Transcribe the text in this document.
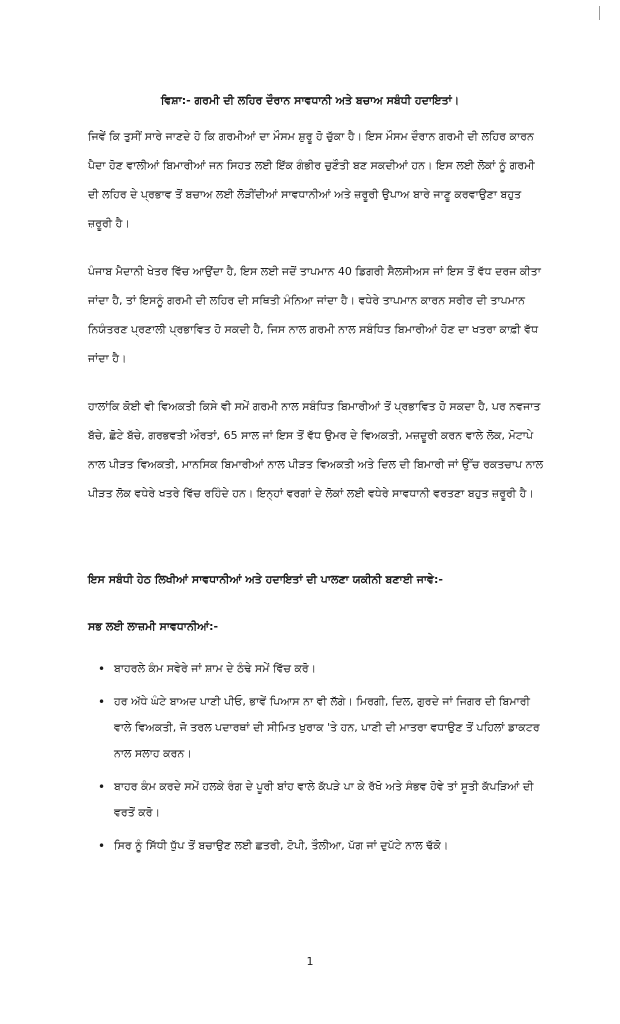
ਵਿਸ਼ਾ:- ਗਰਮੀ ਦੀ ਲਹਿਰ ਦੌਰਾਨ ਸਾਵਧਾਨੀ ਅਤੇ ਬਚਾਅ ਸਬੰਧੀ ਹਦਾਇਤਾਂ।

ਜਿਵੇਂ ਕਿ ਤੁਸੀਂ ਸਾਰੇ ਜਾਣਦੇ ਹੋ ਕਿ ਗਰਮੀਆਂ ਦਾ ਮੌਸਮ ਸ਼ੁਰੂ ਹੋ ਚੁੱਕਾ ਹੈ। ਇਸ ਮੌਸਮ ਦੌਰਾਨ ਗਰਮੀ ਦੀ ਲਹਿਰ ਕਾਰਨ ਪੈਦਾ ਹੋਣ ਵਾਲੀਆਂ ਬਿਮਾਰੀਆਂ ਜਨ ਸਿਹਤ ਲਈ ਇੱਕ ਗੰਭੀਰ ਚੁਣੌਤੀ ਬਣ ਸਕਦੀਆਂ ਹਨ। ਇਸ ਲਈ ਲੋਕਾਂ ਨੂੰ ਗਰਮੀ ਦੀ ਲਹਿਰ ਦੇ ਪ੍ਰਭਾਵ ਤੋਂ ਬਚਾਅ ਲਈ ਲੋੜੀਂਦੀਆਂ ਸਾਵਧਾਨੀਆਂ ਅਤੇ ਜ਼ਰੂਰੀ ਉਪਾਅ ਬਾਰੇ ਜਾਣੂ ਕਰਵਾਉਣਾ ਬਹੁਤ ਜ਼ਰੂਰੀ ਹੈ।

ਪੰਜਾਬ ਮੈਦਾਨੀ ਖੇਤਰ ਵਿੱਚ ਆਉਂਦਾ ਹੈ, ਇਸ ਲਈ ਜਦੋਂ ਤਾਪਮਾਨ 40 ਡਿਗਰੀ ਸੈਲਸੀਅਸ ਜਾਂ ਇਸ ਤੋਂ ਵੱਧ ਦਰਜ ਕੀਤਾ ਜਾਂਦਾ ਹੈ, ਤਾਂ ਇਸਨੂੰ ਗਰਮੀ ਦੀ ਲਹਿਰ ਦੀ ਸਥਿਤੀ ਮੰਨਿਆ ਜਾਂਦਾ ਹੈ। ਵਧੇਰੇ ਤਾਪਮਾਨ ਕਾਰਨ ਸਰੀਰ ਦੀ ਤਾਪਮਾਨ ਨਿਯੰਤਰਣ ਪ੍ਰਣਾਲੀ ਪ੍ਰਭਾਵਿਤ ਹੋ ਸਕਦੀ ਹੈ, ਜਿਸ ਨਾਲ ਗਰਮੀ ਨਾਲ ਸਬੰਧਿਤ ਬਿਮਾਰੀਆਂ ਹੋਣ ਦਾ ਖਤਰਾ ਕਾਫ਼ੀ ਵੱਧ ਜਾਂਦਾ ਹੈ।

ਹਾਲਾਂਕਿ ਕੋਈ ਵੀ ਵਿਅਕਤੀ ਕਿਸੇ ਵੀ ਸਮੇਂ ਗਰਮੀ ਨਾਲ ਸਬੰਧਿਤ ਬਿਮਾਰੀਆਂ ਤੋਂ ਪ੍ਰਭਾਵਿਤ ਹੋ ਸਕਦਾ ਹੈ, ਪਰ ਨਵਜਾਤ ਬੱਚੇ, ਛੋਟੇ ਬੱਚੇ, ਗਰਭਵਤੀ ਔਰਤਾਂ, 65 ਸਾਲ ਜਾਂ ਇਸ ਤੋਂ ਵੱਧ ਉਮਰ ਦੇ ਵਿਅਕਤੀ, ਮਜ਼ਦੂਰੀ ਕਰਨ ਵਾਲੇ ਲੋਕ, ਮੋਟਾਪੇ ਨਾਲ ਪੀੜਤ ਵਿਅਕਤੀ, ਮਾਨਸਿਕ ਬਿਮਾਰੀਆਂ ਨਾਲ ਪੀੜਤ ਵਿਅਕਤੀ ਅਤੇ ਦਿਲ ਦੀ ਬਿਮਾਰੀ ਜਾਂ ਉੱਚ ਰਕਤਚਾਪ ਨਾਲ ਪੀੜਤ ਲੋਕ ਵਧੇਰੇ ਖਤਰੇ ਵਿੱਚ ਰਹਿੰਦੇ ਹਨ। ਇਨ੍ਹਾਂ ਵਰਗਾਂ ਦੇ ਲੋਕਾਂ ਲਈ ਵਧੇਰੇ ਸਾਵਧਾਨੀ ਵਰਤਣਾ ਬਹੁਤ ਜ਼ਰੂਰੀ ਹੈ।

ਇਸ ਸਬੰਧੀ ਹੇਠ ਲਿਖੀਆਂ ਸਾਵਧਾਨੀਆਂ ਅਤੇ ਹਦਾਇਤਾਂ ਦੀ ਪਾਲਣਾ ਯਕੀਨੀ ਬਣਾਈ ਜਾਵੇ:-
ਸਭ ਲਈ ਲਾਜ਼ਮੀ ਸਾਵਧਾਨੀਆਂ:-
• ਬਾਹਰਲੇ ਕੰਮ ਸਵੇਰੇ ਜਾਂ ਸ਼ਾਮ ਦੇ ਠੰਢੇ ਸਮੇਂ ਵਿੱਚ ਕਰੋ।
• ਹਰ ਅੱਧੇ ਘੰਟੇ ਬਾਅਦ ਪਾਣੀ ਪੀਓ, ਭਾਵੇਂ ਪਿਆਸ ਨਾ ਵੀ ਲੱਗੇ। ਮਿਰਗੀ, ਦਿਲ, ਗੁਰਦੇ ਜਾਂ ਜਿਗਰ ਦੀ ਬਿਮਾਰੀ ਵਾਲੇ ਵਿਅਕਤੀ, ਜੋ ਤਰਲ ਪਦਾਰਥਾਂ ਦੀ ਸੀਮਿਤ ਖੁਰਾਕ 'ਤੇ ਹਨ, ਪਾਣੀ ਦੀ ਮਾਤਰਾ ਵਧਾਉਣ ਤੋਂ ਪਹਿਲਾਂ ਡਾਕਟਰ ਨਾਲ ਸਲਾਹ ਕਰਨ।
• ਬਾਹਰ ਕੰਮ ਕਰਦੇ ਸਮੇਂ ਹਲਕੇ ਰੰਗ ਦੇ ਪੂਰੀ ਬਾਂਹ ਵਾਲੇ ਕੱਪੜੇ ਪਾ ਕੇ ਰੱਖੋ ਅਤੇ ਸੰਭਵ ਹੋਵੇ ਤਾਂ ਸੂਤੀ ਕੱਪੜਿਆਂ ਦੀ ਵਰਤੋਂ ਕਰੋ।
• ਸਿਰ ਨੂੰ ਸਿੱਧੀ ਧੁੱਪ ਤੋਂ ਬਚਾਉਣ ਲਈ ਛਤਰੀ, ਟੋਪੀ, ਤੌਲੀਆ, ਪੱਗ ਜਾਂ ਦੁਪੱਟੇ ਨਾਲ ਢੱਕੋ।
1
